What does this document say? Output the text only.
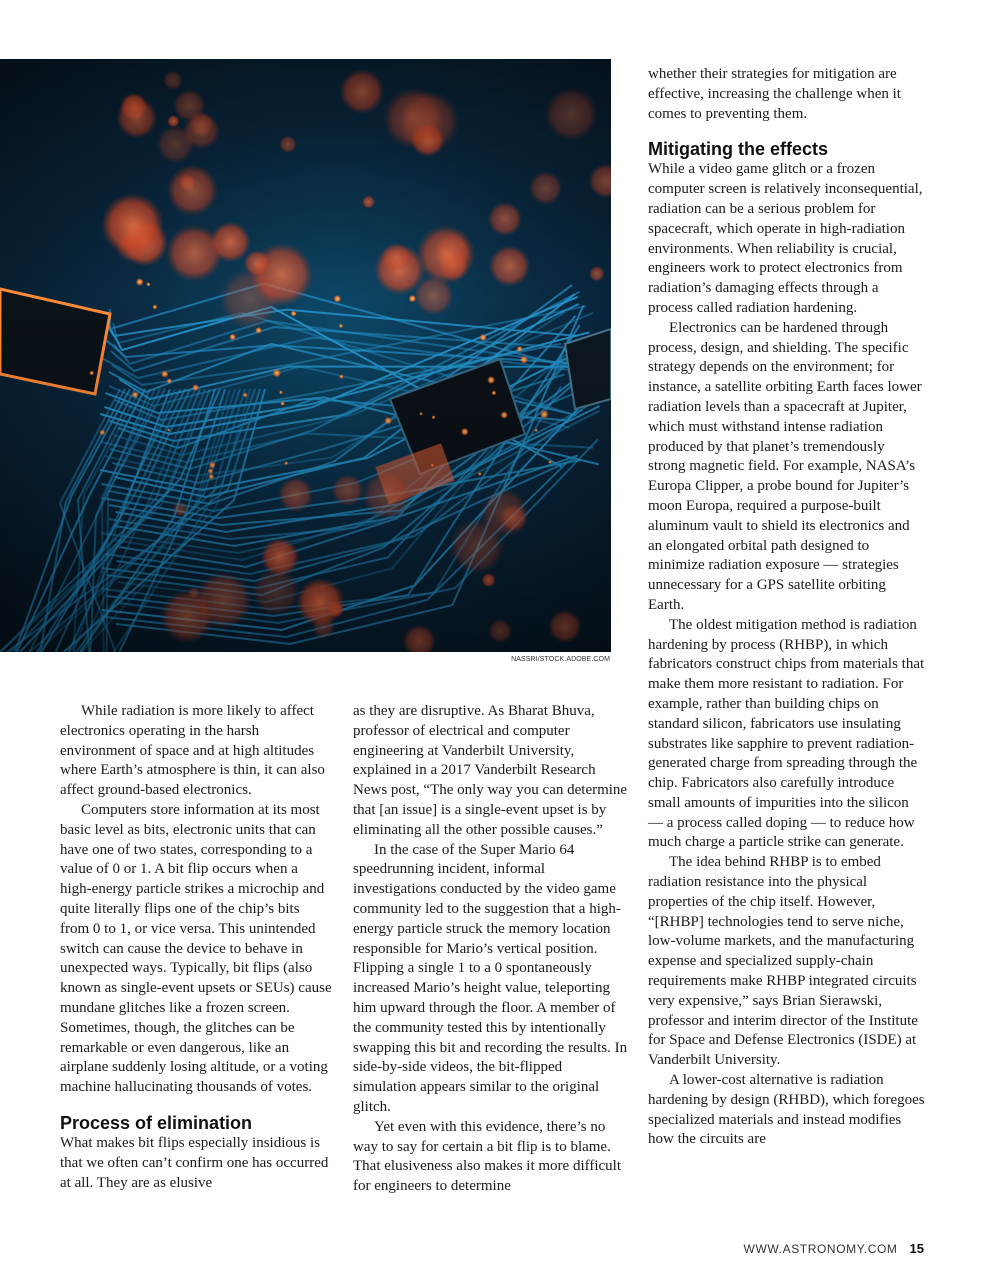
NASSRI/STOCK.ADOBE.COM

While radiation is more likely to affect electronics operating in the harsh environment of space and at high altitudes where Earth’s atmosphere is thin, it can also affect ground-based electronics.

Computers store information at its most basic level as bits, electronic units that can have one of two states, corresponding to a value of 0 or 1. A bit flip occurs when a high-energy particle strikes a microchip and quite literally flips one of the chip’s bits from 0 to 1, or vice versa. This unintended switch can cause the device to behave in unexpected ways. Typically, bit flips (also known as single-event upsets or SEUs) cause mundane glitches like a frozen screen. Sometimes, though, the glitches can be remarkable or even dangerous, like an airplane suddenly losing altitude, or a voting machine hallucinating thousands of votes.

Process of elimination

What makes bit flips especially insidious is that we often can’t confirm one has occurred at all. They are as elusive

as they are disruptive. As Bharat Bhuva, professor of electrical and computer engineering at Vanderbilt University, explained in a 2017 Vanderbilt Research News post, “The only way you can determine that [an issue] is a single-event upset is by eliminating all the other possible causes.”

In the case of the Super Mario 64 speedrunning incident, informal investigations conducted by the video game community led to the suggestion that a high-energy particle struck the memory location responsible for Mario’s vertical position. Flipping a single 1 to a 0 spontaneously increased Mario’s height value, teleporting him upward through the floor. A member of the community tested this by intentionally swapping this bit and recording the results. In side-by-side videos, the bit-flipped simulation appears similar to the original glitch.

Yet even with this evidence, there’s no way to say for certain a bit flip is to blame. That elusiveness also makes it more difficult for engineers to determine

whether their strategies for mitigation are effective, increasing the challenge when it comes to preventing them.

Mitigating the effects

While a video game glitch or a frozen computer screen is relatively inconsequential, radiation can be a serious problem for spacecraft, which operate in high-radiation environments. When reliability is crucial, engineers work to protect electronics from radiation’s damaging effects through a process called radiation hardening.

Electronics can be hardened through process, design, and shielding. The specific strategy depends on the environment; for instance, a satellite orbiting Earth faces lower radiation levels than a spacecraft at Jupiter, which must withstand intense radiation produced by that planet’s tremendously strong magnetic field. For example, NASA’s Europa Clipper, a probe bound for Jupiter’s moon Europa, required a purpose-built aluminum vault to shield its electronics and an elongated orbital path designed to minimize radiation exposure — strategies unnecessary for a GPS satellite orbiting Earth.

The oldest mitigation method is radiation hardening by process (RHBP), in which fabricators construct chips from materials that make them more resistant to radiation. For example, rather than building chips on standard silicon, fabricators use insulating substrates like sapphire to prevent radiation-generated charge from spreading through the chip. Fabricators also carefully introduce small amounts of impurities into the silicon — a process called doping — to reduce how much charge a particle strike can generate.

The idea behind RHBP is to embed radiation resistance into the physical properties of the chip itself. However, “[RHBP] technologies tend to serve niche, low-volume markets, and the manufacturing expense and specialized supply-chain requirements make RHBP integrated circuits very expensive,” says Brian Sierawski, professor and interim director of the Institute for Space and Defense Electronics (ISDE) at Vanderbilt University.

A lower-cost alternative is radiation hardening by design (RHBD), which foregoes specialized materials and instead modifies how the circuits are

WWW.ASTRONOMY.COM 15
